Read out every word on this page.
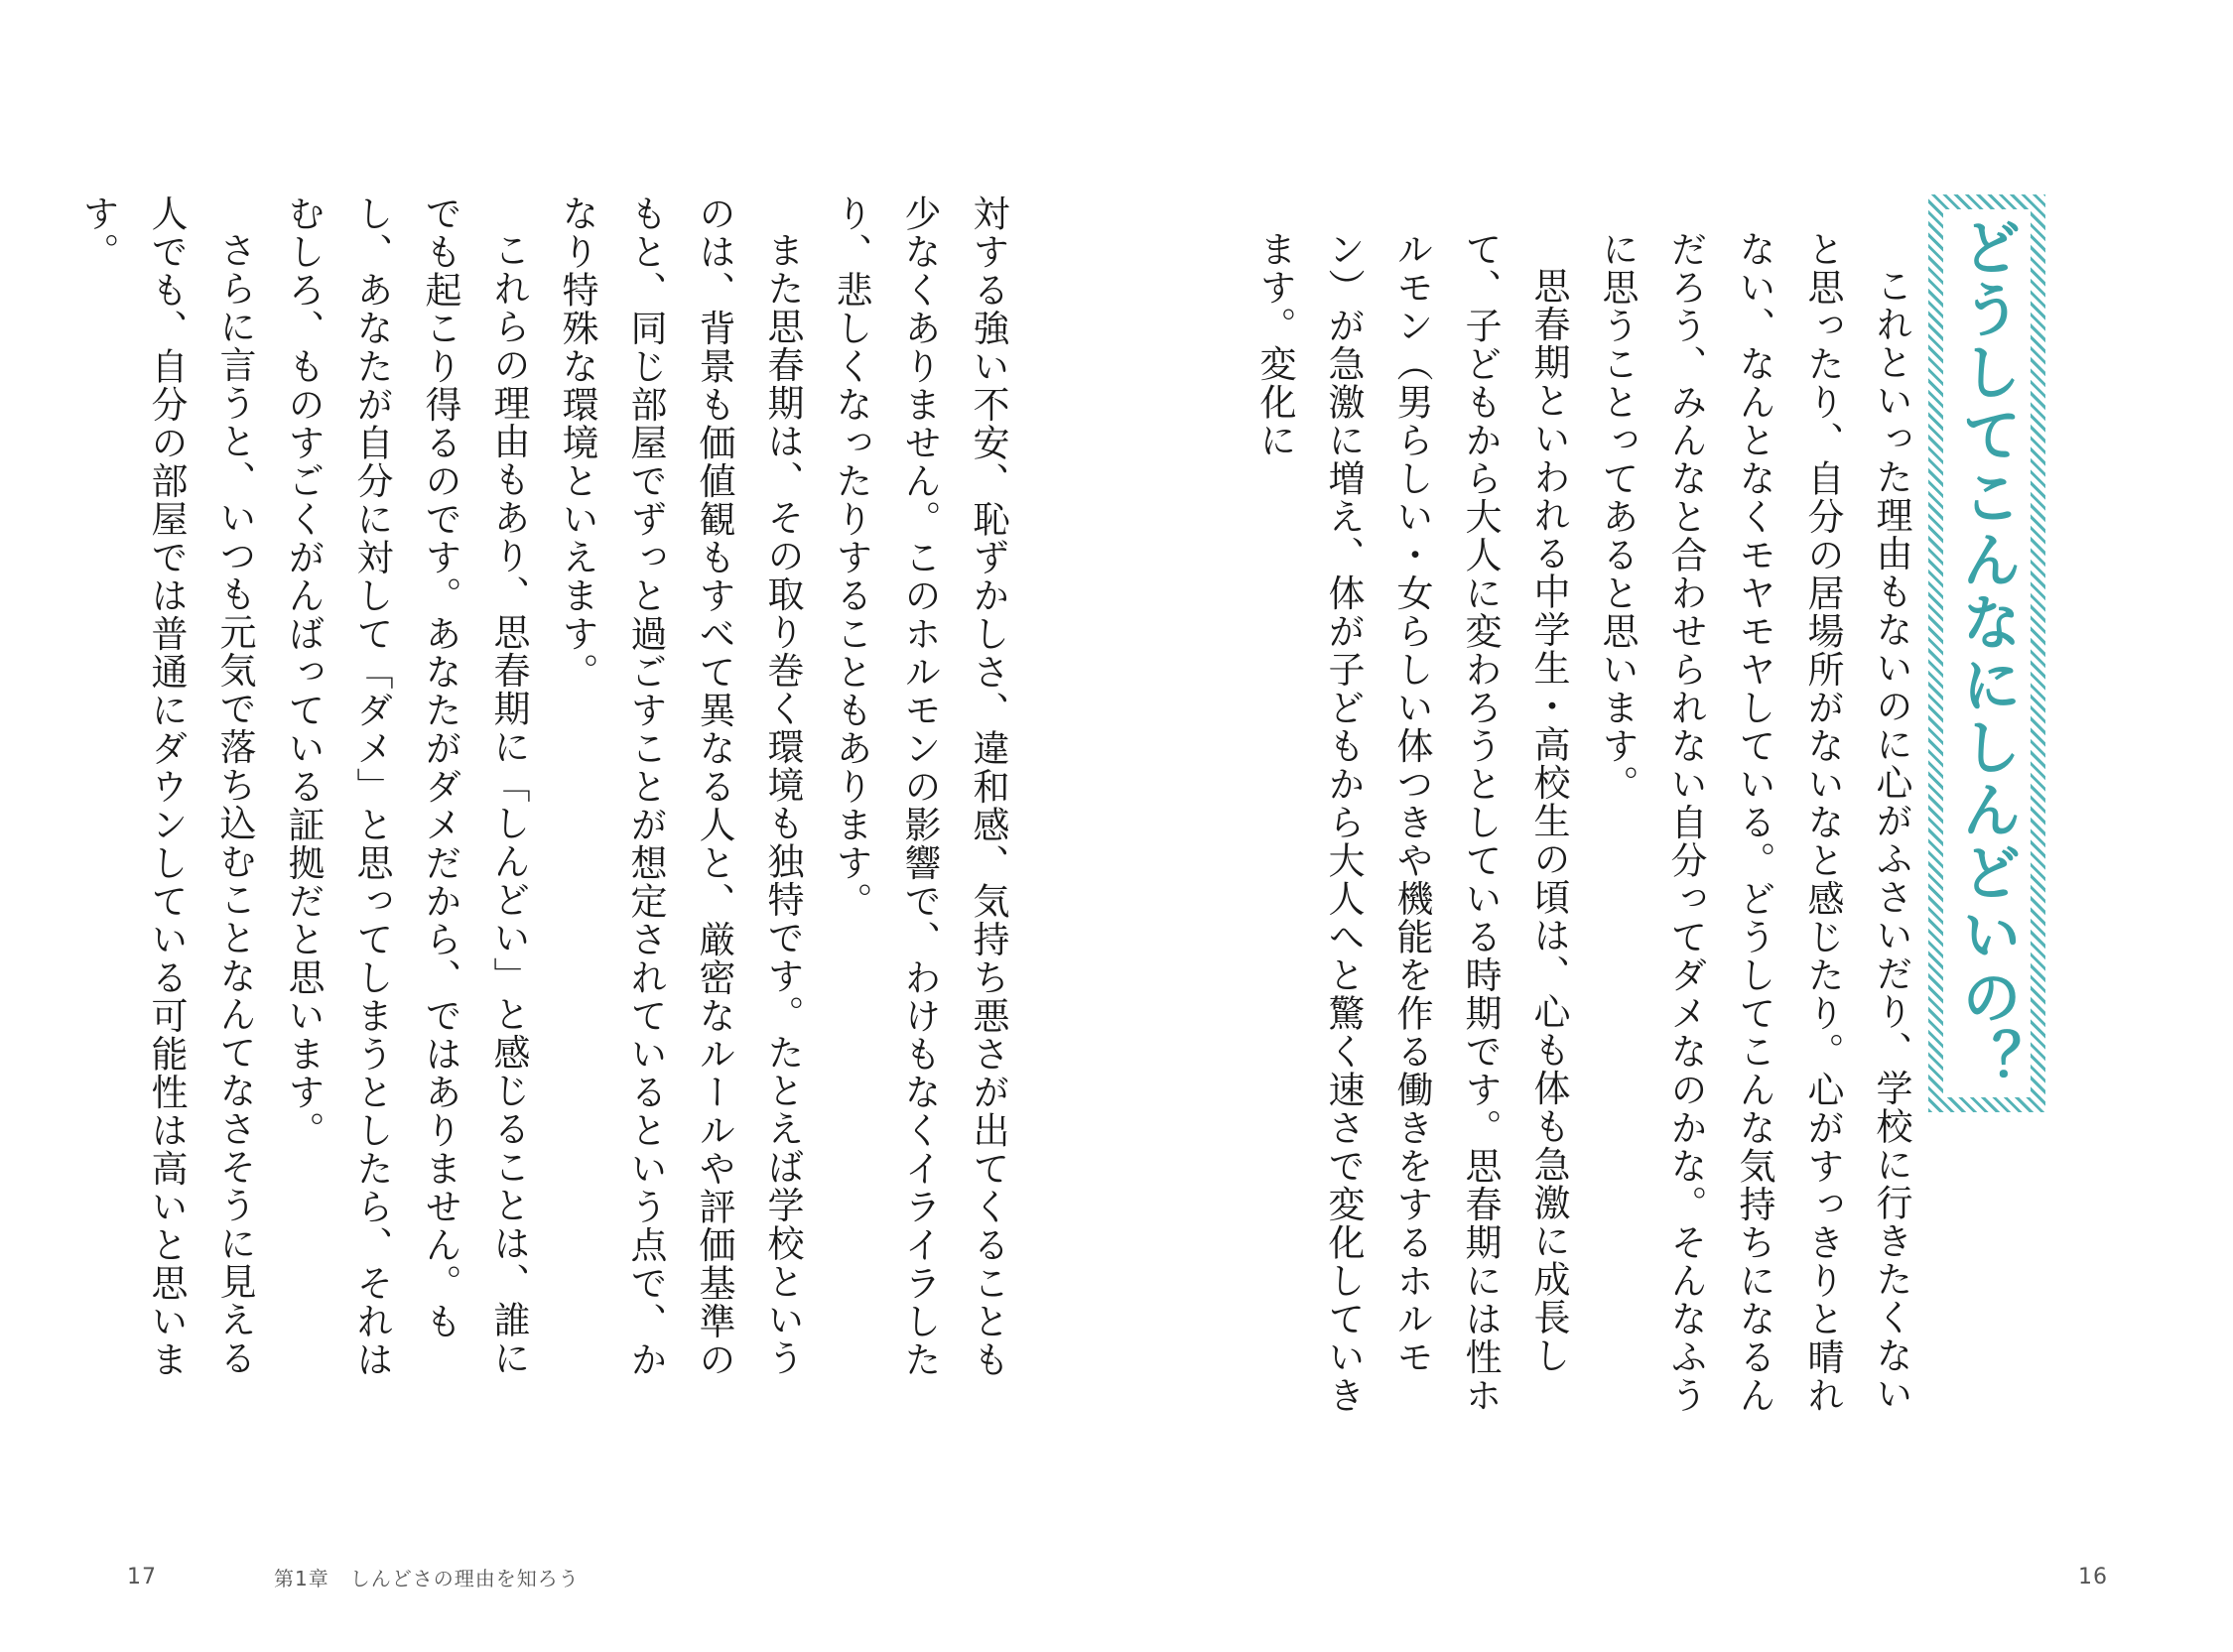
対する強い不安、恥ずかしさ、違和感、気持ち悪さが出てくることも少なくありません。このホルモンの影響で、わけもなくイライラしたり、悲しくなったりすることもあります。

また思春期は、その取り巻く環境も独特です。たとえば学校というのは、背景も価値観もすべて異なる人と、厳密なルールや評価基準のもと、同じ部屋でずっと過ごすことが想定されているという点で、かなり特殊な環境といえます。

これらの理由もあり、思春期に「しんどい」と感じることは、誰にでも起こり得るのです。あなたがダメだから、ではありません。もし、あなたが自分に対して「ダメ」と思ってしまうとしたら、それはむしろ、ものすごくがんばっている証拠だと思います。

さらに言うと、いつも元気で落ち込むことなんてなさそうに見える人でも、自分の部屋では普通にダウンしている可能性は高いと思います。	どうしてこんなにしんどいの？

これといった理由もないのに心がふさいだり、学校に行きたくないと思ったり、自分の居場所がないなと感じたり。心がすっきりと晴れない、なんとなくモヤモヤしている。どうしてこんな気持ちになるんだろう、みんなと合わせられない自分ってダメなのかな。そんなふうに思うことってあると思います。

思春期といわれる中学生・高校生の頃は、心も体も急激に成長して、子どもから大人に変わろうとしている時期です。思春期には性ホルモン（男らしい・女らしい体つきや機能を作る働きをするホルモン）が急激に増え、体が子どもから大人へと驚く速さで変化していきます。変化に

17	第1章　しんどさの理由を知ろう	16
